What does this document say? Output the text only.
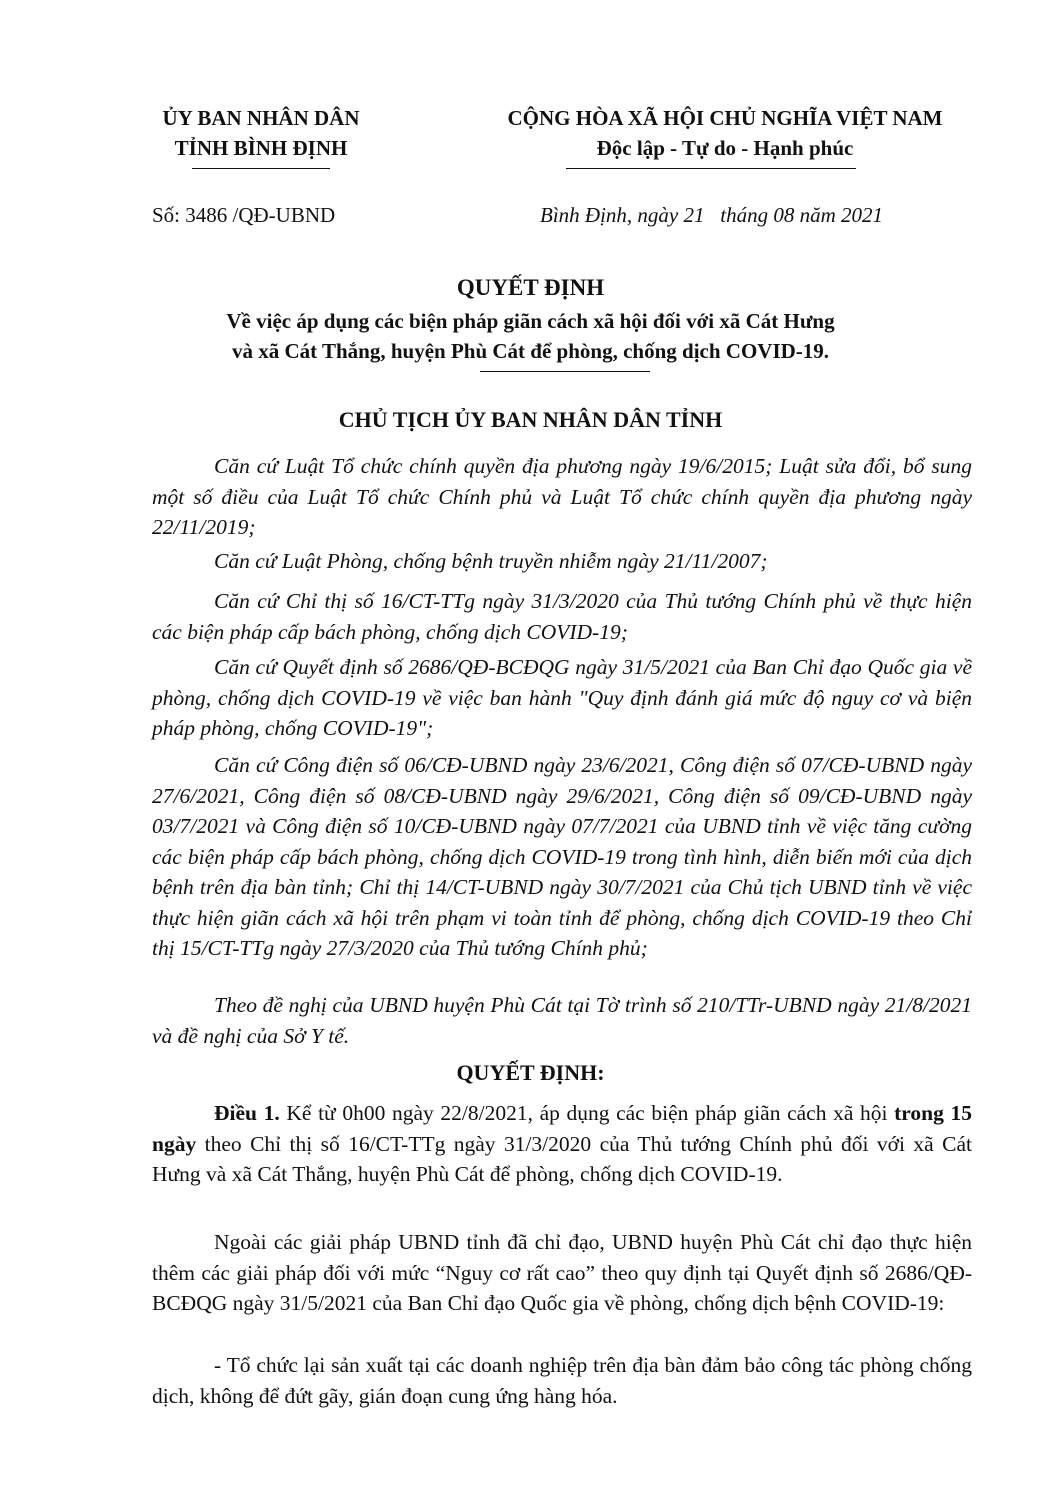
ỦY BAN NHÂN DÂN
TỈNH BÌNH ĐỊNH
CỘNG HÒA XÃ HỘI CHỦ NGHĨA VIỆT NAM
Độc lập - Tự do - Hạnh phúc
Số: 3486 /QĐ-UBND	Bình Định, ngày 21   tháng 08 năm 2021
QUYẾT ĐỊNH
Về việc áp dụng các biện pháp giãn cách xã hội đối với xã Cát Hưng
và xã Cát Thắng, huyện Phù Cát để phòng, chống dịch COVID-19.
CHỦ TỊCH ỦY BAN NHÂN DÂN TỈNH
Căn cứ Luật Tổ chức chính quyền địa phương ngày 19/6/2015; Luật sửa đổi, bổ sung một số điều của Luật Tổ chức Chính phủ và Luật Tổ chức chính quyền địa phương ngày 22/11/2019;
Căn cứ Luật Phòng, chống bệnh truyền nhiễm ngày 21/11/2007;
Căn cứ Chỉ thị số 16/CT-TTg ngày 31/3/2020 của Thủ tướng Chính phủ về thực hiện các biện pháp cấp bách phòng, chống dịch COVID-19;
Căn cứ Quyết định số 2686/QĐ-BCĐQG ngày 31/5/2021 của Ban Chỉ đạo Quốc gia về phòng, chống dịch COVID-19 về việc ban hành "Quy định đánh giá mức độ nguy cơ và biện pháp phòng, chống COVID-19";
Căn cứ Công điện số 06/CĐ-UBND ngày 23/6/2021, Công điện số 07/CĐ-UBND ngày 27/6/2021, Công điện số 08/CĐ-UBND ngày 29/6/2021, Công điện số 09/CĐ-UBND ngày 03/7/2021 và Công điện số 10/CĐ-UBND ngày 07/7/2021 của UBND tỉnh về việc tăng cường các biện pháp cấp bách phòng, chống dịch COVID-19 trong tình hình, diễn biến mới của dịch bệnh trên địa bàn tỉnh; Chỉ thị 14/CT-UBND ngày 30/7/2021 của Chủ tịch UBND tỉnh về việc thực hiện giãn cách xã hội trên phạm vi toàn tỉnh để phòng, chống dịch COVID-19 theo Chỉ thị 15/CT-TTg ngày 27/3/2020 của Thủ tướng Chính phủ;
Theo đề nghị của UBND huyện Phù Cát tại Tờ trình số 210/TTr-UBND ngày 21/8/2021 và đề nghị của Sở Y tế.
QUYẾT ĐỊNH:
Điều 1. Kể từ 0h00 ngày 22/8/2021, áp dụng các biện pháp giãn cách xã hội trong 15 ngày theo Chỉ thị số 16/CT-TTg ngày 31/3/2020 của Thủ tướng Chính phủ đối với xã Cát Hưng và xã Cát Thắng, huyện Phù Cát để phòng, chống dịch COVID-19.
Ngoài các giải pháp UBND tỉnh đã chỉ đạo, UBND huyện Phù Cát chỉ đạo thực hiện thêm các giải pháp đối với mức “Nguy cơ rất cao” theo quy định tại Quyết định số 2686/QĐ-BCĐQG ngày 31/5/2021 của Ban Chỉ đạo Quốc gia về phòng, chống dịch bệnh COVID-19:
- Tổ chức lại sản xuất tại các doanh nghiệp trên địa bàn đảm bảo công tác phòng chống dịch, không để đứt gãy, gián đoạn cung ứng hàng hóa.
